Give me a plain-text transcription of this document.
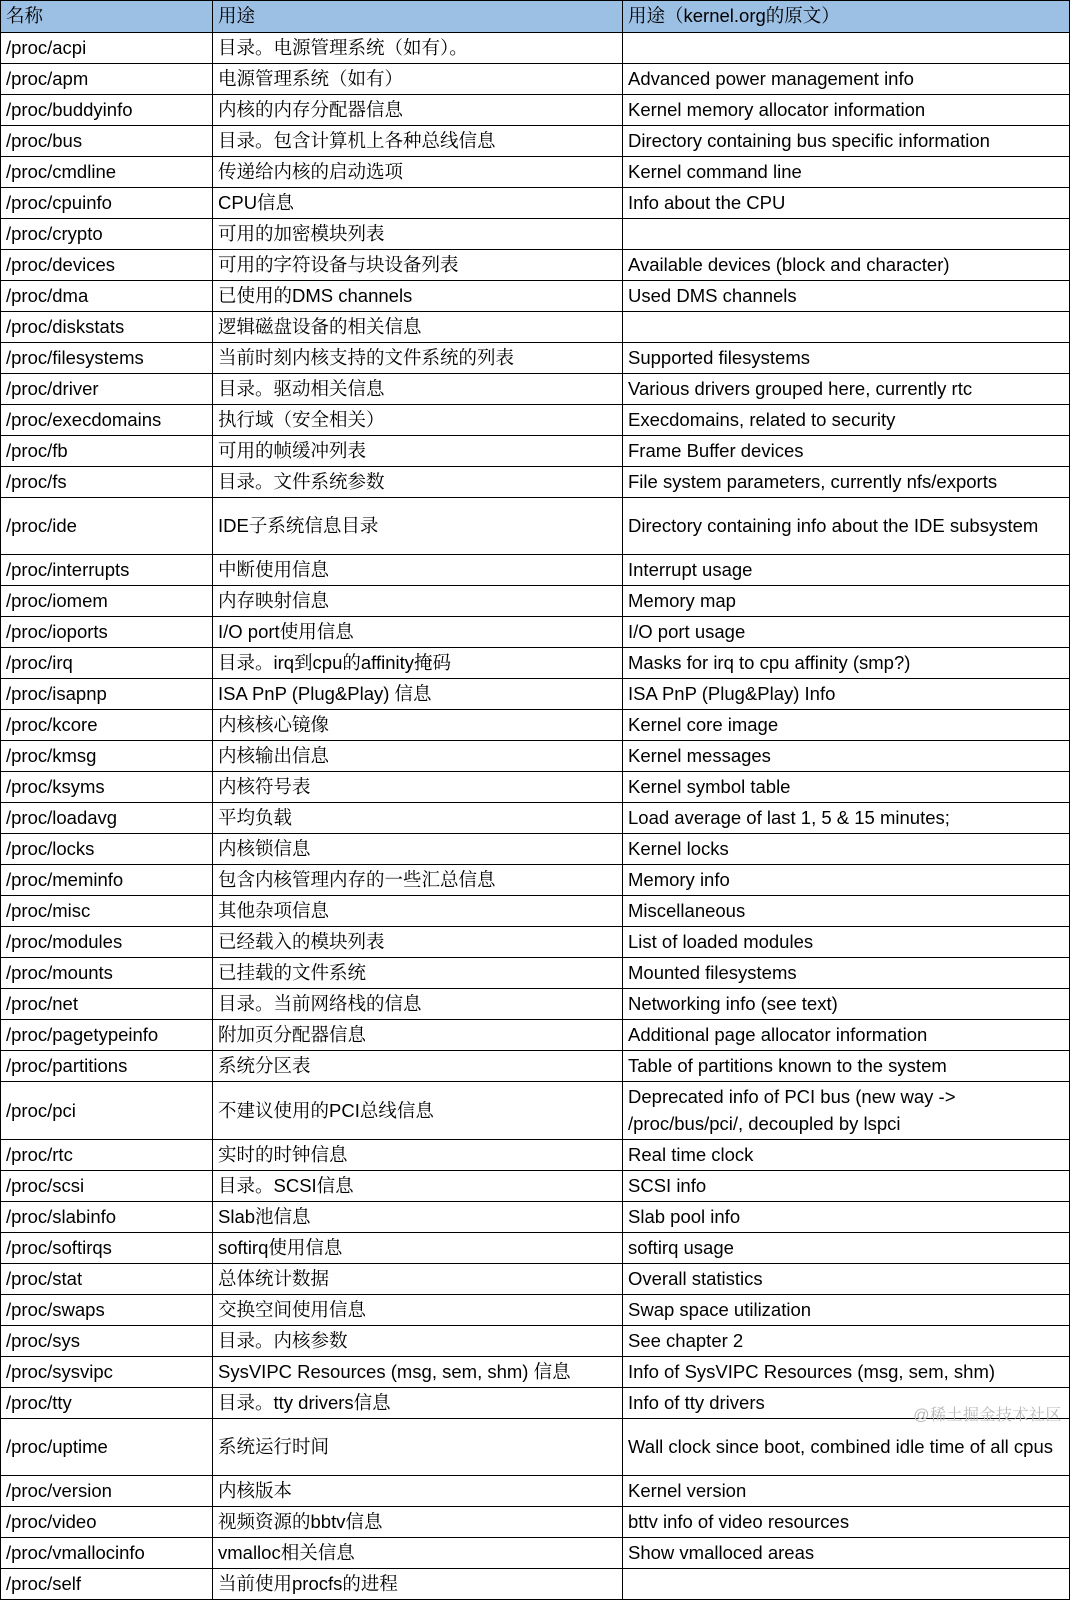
名称	用途	用途（kernel.org的原文）
/proc/acpi	目录。电源管理系统（如有）。	
/proc/apm	电源管理系统（如有）	Advanced power management info
/proc/buddyinfo	内核的内存分配器信息	Kernel memory allocator information
/proc/bus	目录。包含计算机上各种总线信息	Directory containing bus specific information
/proc/cmdline	传递给内核的启动选项	Kernel command line
/proc/cpuinfo	CPU信息	Info about the CPU
/proc/crypto	可用的加密模块列表	
/proc/devices	可用的字符设备与块设备列表	Available devices (block and character)
/proc/dma	已使用的DMS channels	Used DMS channels
/proc/diskstats	逻辑磁盘设备的相关信息	
/proc/filesystems	当前时刻内核支持的文件系统的列表	Supported filesystems
/proc/driver	目录。驱动相关信息	Various drivers grouped here, currently rtc
/proc/execdomains	执行域（安全相关）	Execdomains, related to security
/proc/fb	可用的帧缓冲列表	Frame Buffer devices
/proc/fs	目录。文件系统参数	File system parameters, currently nfs/exports
/proc/ide	IDE子系统信息目录	Directory containing info about the IDE subsystem
/proc/interrupts	中断使用信息	Interrupt usage
/proc/iomem	内存映射信息	Memory map
/proc/ioports	I/O port使用信息	I/O port usage
/proc/irq	目录。irq到cpu的affinity掩码	Masks for irq to cpu affinity (smp?)
/proc/isapnp	ISA PnP (Plug&Play) 信息	ISA PnP (Plug&Play) Info
/proc/kcore	内核核心镜像	Kernel core image
/proc/kmsg	内核输出信息	Kernel messages
/proc/ksyms	内核符号表	Kernel symbol table
/proc/loadavg	平均负载	Load average of last 1, 5 & 15 minutes;
/proc/locks	内核锁信息	Kernel locks
/proc/meminfo	包含内核管理内存的一些汇总信息	Memory info
/proc/misc	其他杂项信息	Miscellaneous
/proc/modules	已经载入的模块列表	List of loaded modules
/proc/mounts	已挂载的文件系统	Mounted filesystems
/proc/net	目录。当前网络栈的信息	Networking info (see text)
/proc/pagetypeinfo	附加页分配器信息	Additional page allocator information
/proc/partitions	系统分区表	Table of partitions known to the system
/proc/pci	不建议使用的PCI总线信息	Deprecated info of PCI bus (new way -> /proc/bus/pci/, decoupled by lspci
/proc/rtc	实时的时钟信息	Real time clock
/proc/scsi	目录。SCSI信息	SCSI info
/proc/slabinfo	Slab池信息	Slab pool info
/proc/softirqs	softirq使用信息	softirq usage
/proc/stat	总体统计数据	Overall statistics
/proc/swaps	交换空间使用信息	Swap space utilization
/proc/sys	目录。内核参数	See chapter 2
/proc/sysvipc	SysVIPC Resources (msg, sem, shm) 信息	Info of SysVIPC Resources (msg, sem, shm)
/proc/tty	目录。tty drivers信息	Info of tty drivers
/proc/uptime	系统运行时间	Wall clock since boot, combined idle time of all cpus
/proc/version	内核版本	Kernel version
/proc/video	视频资源的bbtv信息	bttv info of video resources
/proc/vmallocinfo	vmalloc相关信息	Show vmalloced areas
/proc/self	当前使用procfs的进程	
@稀土掘金技术社区
